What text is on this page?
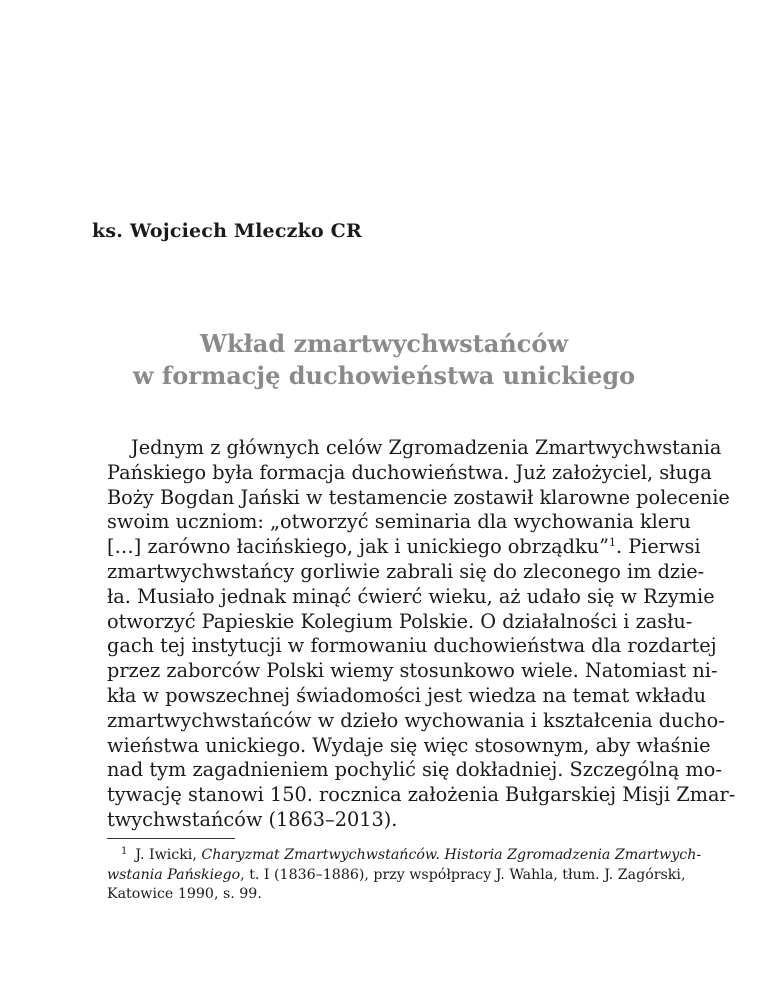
ks. Wojciech Mleczko CR
Wkład zmartwychwstańców
w formację duchowieństwa unickiego
Jednym z głównych celów Zgromadzenia Zmartwychwstania
Pańskiego była formacja duchowieństwa. Już założyciel, sługa
Boży Bogdan Jański w testamencie zostawił klarowne polecenie
swoim uczniom: „otworzyć seminaria dla wychowania kleru
[…] zarówno łacińskiego, jak i unickiego obrządku”$^1$. Pierwsi
zmartwychwstańcy gorliwie zabrali się do zleconego im dzie-
ła. Musiało jednak minąć ćwierć wieku, aż udało się w Rzymie
otworzyć Papieskie Kolegium Polskie. O działalności i zasłu-
gach tej instytucji w formowaniu duchowieństwa dla rozdartej
przez zaborców Polski wiemy stosunkowo wiele. Natomiast ni-
kła w powszechnej świadomości jest wiedza na temat wkładu
zmartwychwstańców w dzieło wychowania i kształcenia ducho-
wieństwa unickiego. Wydaje się więc stosownym, aby właśnie
nad tym zagadnieniem pochylić się dokładniej. Szczególną mo-
tywację stanowi 150. rocznica założenia Bułgarskiej Misji Zmar-
twychwstańców (1863–2013).
$^1$ J. Iwicki, Charyzmat Zmartwychwstańców. Historia Zgromadzenia Zmartwych-
wstania Pańskiego, t. I (1836–1886), przy współpracy J. Wahla, tłum. J. Zagórski,
Katowice 1990, s. 99.
